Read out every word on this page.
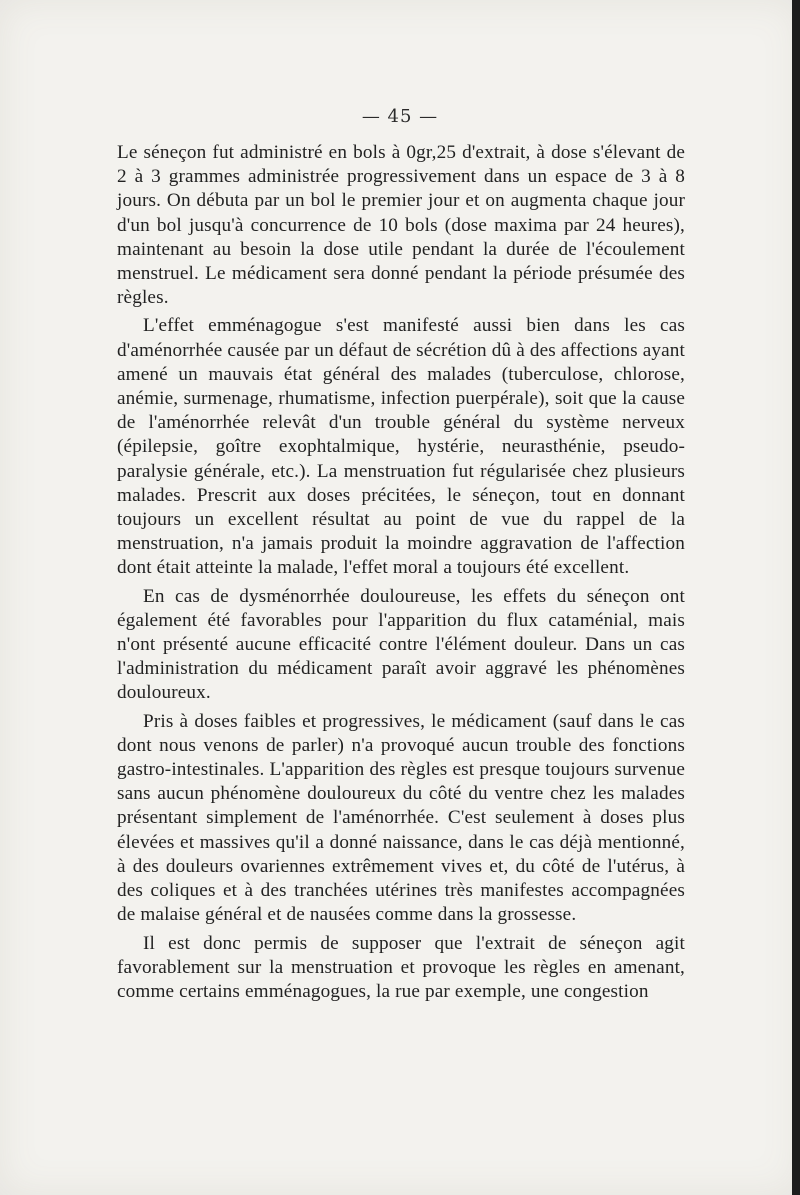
— 45 —

Le séneçon fut administré en bols à 0gr,25 d'extrait, à dose s'élevant de 2 à 3 grammes administrée progressivement dans un espace de 3 à 8 jours. On débuta par un bol le premier jour et on augmenta chaque jour d'un bol jusqu'à concurrence de 10 bols (dose maxima par 24 heures), maintenant au besoin la dose utile pendant la durée de l'écoulement menstruel. Le médicament sera donné pendant la période présumée des règles.

L'effet emménagogue s'est manifesté aussi bien dans les cas d'aménorrhée causée par un défaut de sécrétion dû à des affections ayant amené un mauvais état général des malades (tuberculose, chlorose, anémie, surmenage, rhumatisme, infection puerpérale), soit que la cause de l'aménorrhée relevât d'un trouble général du système nerveux (épilepsie, goître exophtalmique, hystérie, neurasthénie, pseudo-paralysie générale, etc.). La menstruation fut régularisée chez plusieurs malades. Prescrit aux doses précitées, le séneçon, tout en donnant toujours un excellent résultat au point de vue du rappel de la menstruation, n'a jamais produit la moindre aggravation de l'affection dont était atteinte la malade, l'effet moral a toujours été excellent.

En cas de dysménorrhée douloureuse, les effets du séneçon ont également été favorables pour l'apparition du flux cataménial, mais n'ont présenté aucune efficacité contre l'élément douleur. Dans un cas l'administration du médicament paraît avoir aggravé les phénomènes douloureux.

Pris à doses faibles et progressives, le médicament (sauf dans le cas dont nous venons de parler) n'a provoqué aucun trouble des fonctions gastro-intestinales. L'apparition des règles est presque toujours survenue sans aucun phénomène douloureux du côté du ventre chez les malades présentant simplement de l'aménorrhée. C'est seulement à doses plus élevées et massives qu'il a donné naissance, dans le cas déjà mentionné, à des douleurs ovariennes extrêmement vives et, du côté de l'utérus, à des coliques et à des tranchées utérines très manifestes accompagnées de malaise général et de nausées comme dans la grossesse.

Il est donc permis de supposer que l'extrait de séneçon agit favorablement sur la menstruation et provoque les règles en amenant, comme certains emménagogues, la rue par exemple, une congestion
